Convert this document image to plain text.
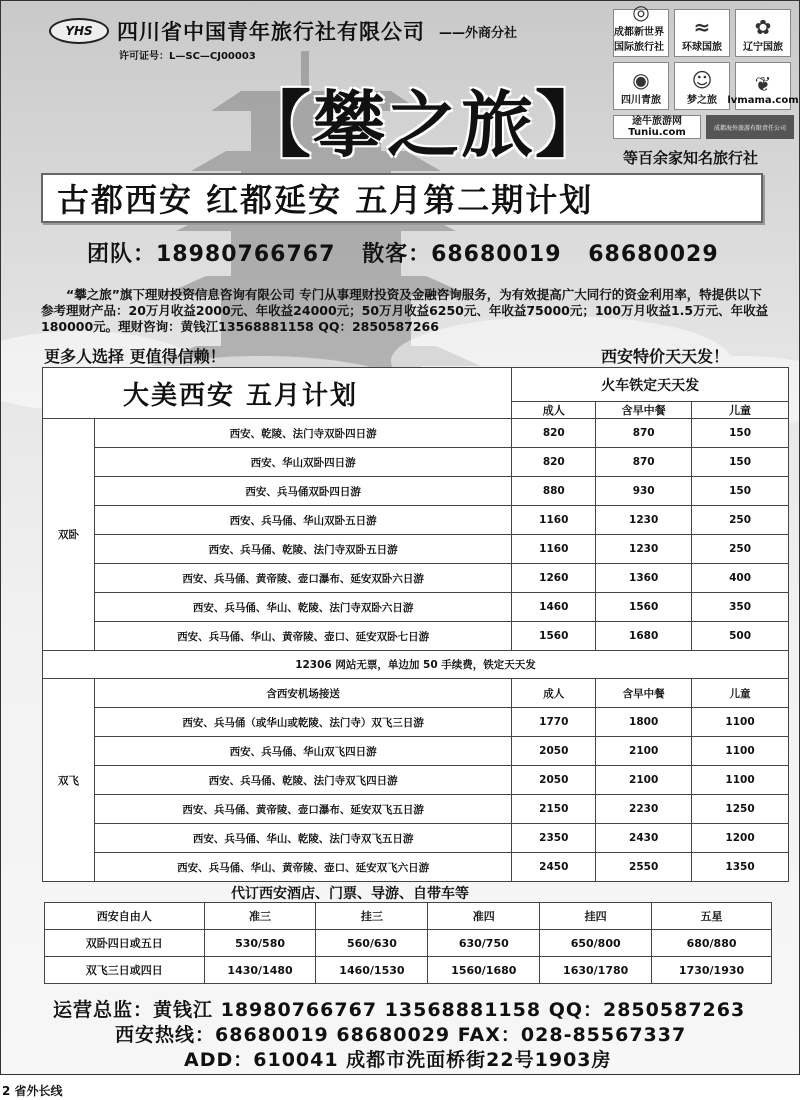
YHS	四川省中国青年旅行社有限公司 ——外商分社
许可证号：L—SC—CJ00003
【攀之旅】
◎
成都新世界国际旅行社
≈
环球国旅
✿
辽宁国旅
◉
四川青旅
☺
梦之旅
❦
lvmama.com
途牛旅游网
Tuniu.com	成都海外旅游有限责任公司
等百余家知名旅行社
古都西安 红都延安 五月第二期计划
团队：18980766767 散客：68680019 68680029
“攀之旅”旗下理财投资信息咨询有限公司 专门从事理财投资及金融咨询服务，为有效提高广大同行的资金利用率，特提供以下参考理财产品：20万月收益2000元、年收益24000元；50万月收益6250元、年收益75000元；100万月收益1.5万元、年收益180000元。理财咨询：黄钱江13568881158 QQ：2850587266
更多人选择 更值得信赖！	西安特价天天发！
大美西安 五月计划		火车铁定天天发		
		成人	含早中餐	儿童
双卧	西安、乾陵、法门寺双卧四日游	820	870	150
	西安、华山双卧四日游	820	870	150
	西安、兵马俑双卧四日游	880	930	150
	西安、兵马俑、华山双卧五日游	1160	1230	250
	西安、兵马俑、乾陵、法门寺双卧五日游	1160	1230	250
	西安、兵马俑、黄帝陵、壶口瀑布、延安双卧六日游	1260	1360	400
	西安、兵马俑、华山、乾陵、法门寺双卧六日游	1460	1560	350
	西安、兵马俑、华山、黄帝陵、壶口、延安双卧七日游	1560	1680	500
12306 网站无票，单边加 50 手续费，铁定天天发				
双飞	含西安机场接送	成人	含早中餐	儿童
	西安、兵马俑（或华山或乾陵、法门寺）双飞三日游	1770	1800	1100
	西安、兵马俑、华山双飞四日游	2050	2100	1100
	西安、兵马俑、乾陵、法门寺双飞四日游	2050	2100	1100
	西安、兵马俑、黄帝陵、壶口瀑布、延安双飞五日游	2150	2230	1250
	西安、兵马俑、华山、乾陵、法门寺双飞五日游	2350	2430	1200
	西安、兵马俑、华山、黄帝陵、壶口、延安双飞六日游	2450	2550	1350
代订西安酒店、门票、导游、自带车等
西安自由人	准三	挂三	准四	挂四	五星
双卧四日或五日	530/580	560/630	630/750	650/800	680/880
双飞三日或四日	1430/1480	1460/1530	1560/1680	1630/1780	1730/1930
运营总监：黄钱江 18980766767 13568881158 QQ：2850587263
西安热线：68680019 68680029 FAX：028-85567337
ADD：610041 成都市洗面桥街22号1903房
2 省外长线
